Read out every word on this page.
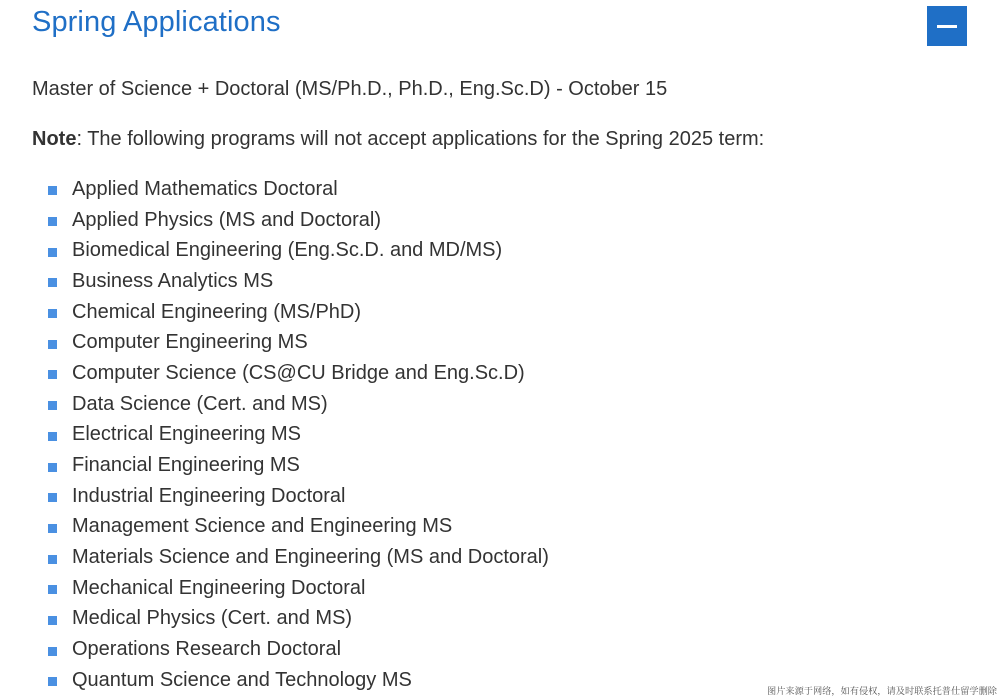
Spring Applications

Master of Science + Doctoral (MS/Ph.D., Ph.D., Eng.Sc.D) - October 15

Note: The following programs will not accept applications for the Spring 2025 term:

Applied Mathematics Doctoral
Applied Physics (MS and Doctoral)
Biomedical Engineering (Eng.Sc.D. and MD/MS)
Business Analytics MS
Chemical Engineering (MS/PhD)
Computer Engineering MS
Computer Science (CS@CU Bridge and Eng.Sc.D)
Data Science (Cert. and MS)
Electrical Engineering MS
Financial Engineering MS
Industrial Engineering Doctoral
Management Science and Engineering MS
Materials Science and Engineering (MS and Doctoral)
Mechanical Engineering Doctoral
Medical Physics (Cert. and MS)
Operations Research Doctoral
Quantum Science and Technology MS
图片来源于网络，如有侵权，请及时联系托普仕留学删除
